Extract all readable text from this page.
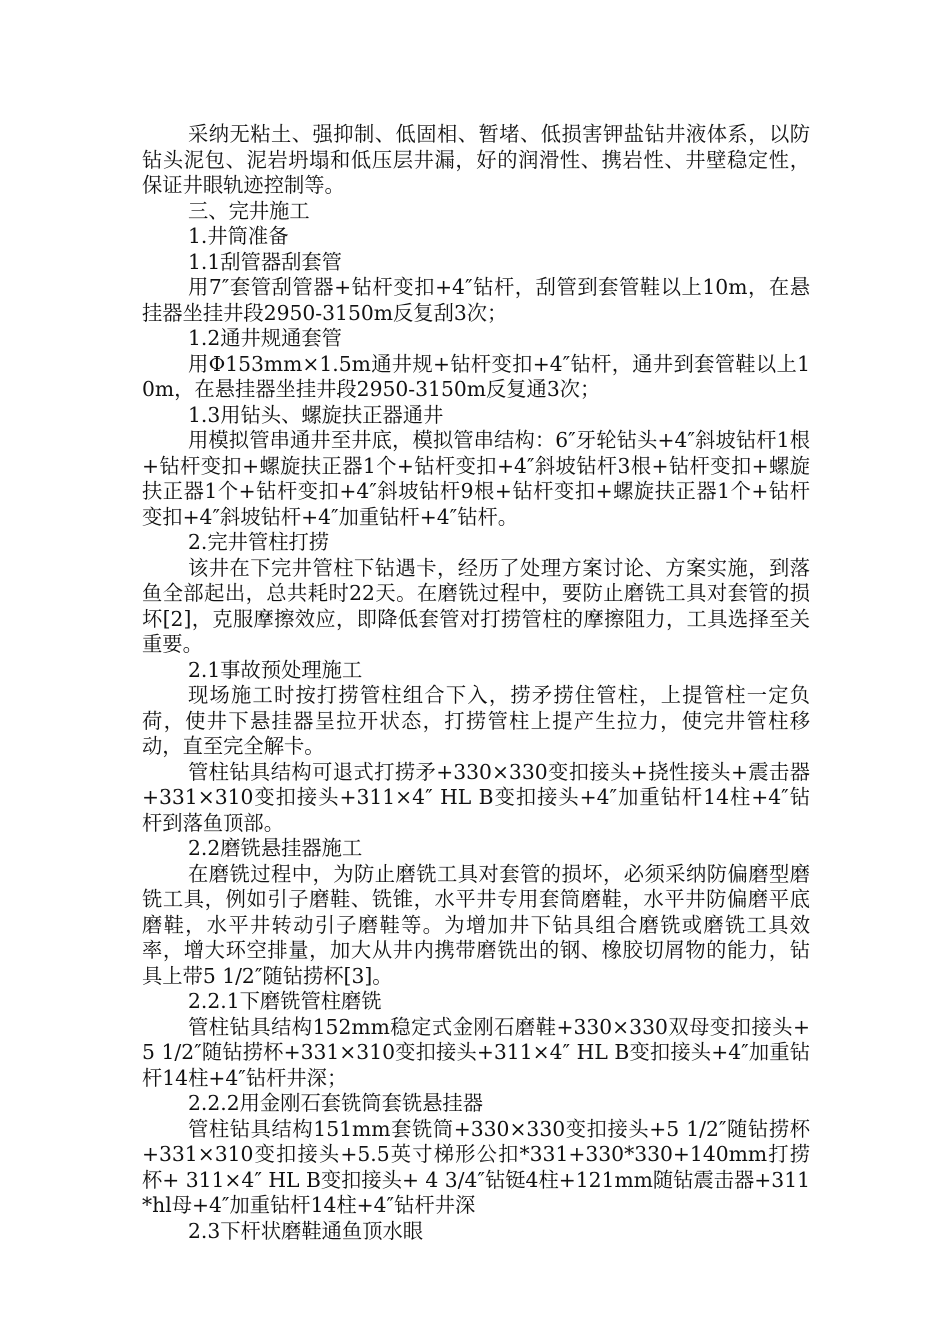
采纳无粘土、强抑制、低固相、暂堵、低损害钾盐钻井液体系，以防钻头泥包、泥岩坍塌和低压层井漏，好的润滑性、携岩性、井壁稳定性，保证井眼轨迹控制等。

三、完井施工

1.井筒准备

1.1刮管器刮套管

用7″套管刮管器+钻杆变扣+4″钻杆，刮管到套管鞋以上10m，在悬挂器坐挂井段2950-3150m反复刮3次；

1.2通井规通套管

用Φ153mm×1.5m通井规+钻杆变扣+4″钻杆，通井到套管鞋以上10m，在悬挂器坐挂井段2950-3150m反复通3次；

1.3用钻头、螺旋扶正器通井

用模拟管串通井至井底，模拟管串结构：6″牙轮钻头+4″斜坡钻杆1根+钻杆变扣+螺旋扶正器1个+钻杆变扣+4″斜坡钻杆3根+钻杆变扣+螺旋扶正器1个+钻杆变扣+4″斜坡钻杆9根+钻杆变扣+螺旋扶正器1个+钻杆变扣+4″斜坡钻杆+4″加重钻杆+4″钻杆。

2.完井管柱打捞

该井在下完井管柱下钻遇卡，经历了处理方案讨论、方案实施，到落鱼全部起出，总共耗时22天。在磨铣过程中，要防止磨铣工具对套管的损坏[2]，克服摩擦效应，即降低套管对打捞管柱的摩擦阻力，工具选择至关重要。

2.1事故预处理施工

现场施工时按打捞管柱组合下入，捞矛捞住管柱，上提管柱一定负荷，使井下悬挂器呈拉开状态，打捞管柱上提产生拉力，使完井管柱移动，直至完全解卡。

管柱钻具结构可退式打捞矛+330×330变扣接头+挠性接头+震击器+331×310变扣接头+311×4″ HL B变扣接头+4″加重钻杆14柱+4″钻杆到落鱼顶部。

2.2磨铣悬挂器施工

在磨铣过程中，为防止磨铣工具对套管的损坏，必须采纳防偏磨型磨铣工具，例如引子磨鞋、铣锥，水平井专用套筒磨鞋，水平井防偏磨平底磨鞋，水平井转动引子磨鞋等。为增加井下钻具组合磨铣或磨铣工具效率，增大环空排量，加大从井内携带磨铣出的钢、橡胶切屑物的能力，钻具上带5 1/2″随钻捞杯[3]。

2.2.1下磨铣管柱磨铣

管柱钻具结构152mm稳定式金刚石磨鞋+330×330双母变扣接头+5 1/2″随钻捞杯+331×310变扣接头+311×4″ HL B变扣接头+4″加重钻杆14柱+4″钻杆井深；

2.2.2用金刚石套铣筒套铣悬挂器

管柱钻具结构151mm套铣筒+330×330变扣接头+5 1/2″随钻捞杯+331×310变扣接头+5.5英寸梯形公扣*331+330*330+140mm打捞杯+ 311×4″ HL B变扣接头+ 4 3/4″钻铤4柱+121mm随钻震击器+311*hl母+4″加重钻杆14柱+4″钻杆井深

2.3下杆状磨鞋通鱼顶水眼
